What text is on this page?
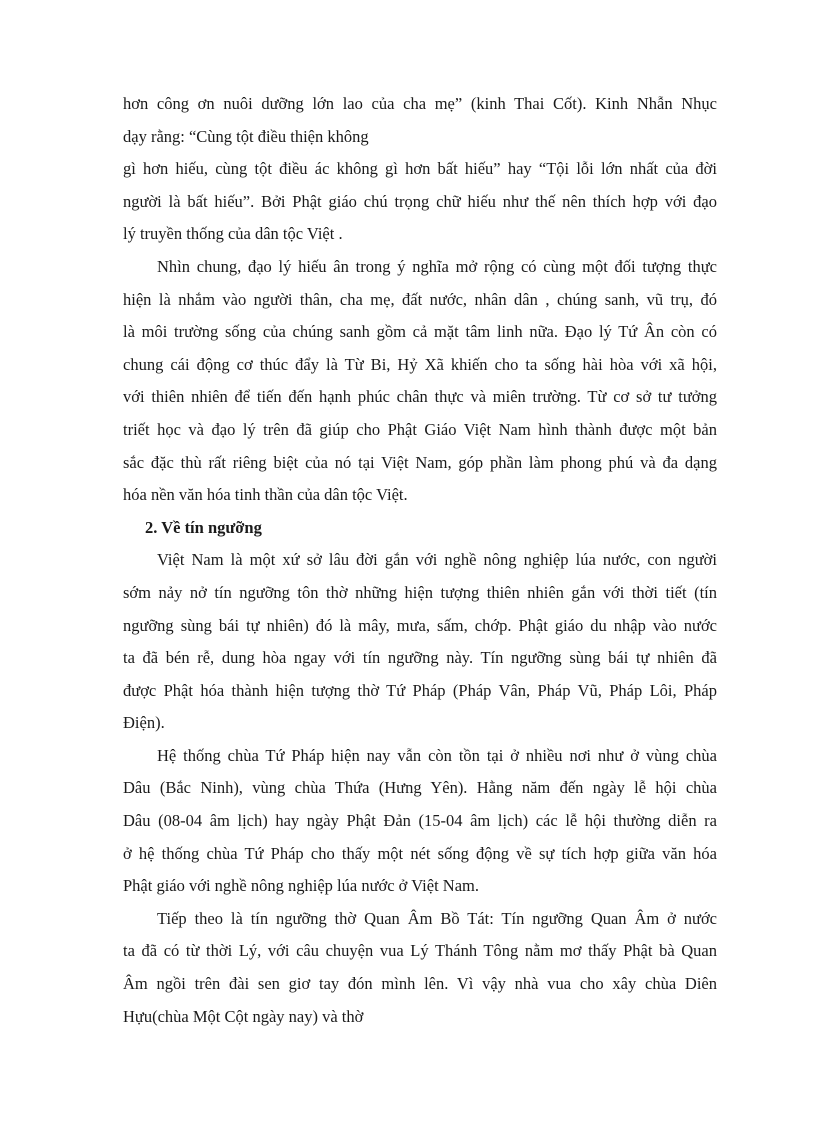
hơn công ơn nuôi dưỡng lớn lao của cha mẹ” (kinh Thai Cốt). Kinh Nhẫn Nhục
dạy rằng: “Cùng tột điều thiện không
gì hơn hiếu, cùng tột điều ác không gì hơn bất hiếu” hay “Tội lỗi lớn nhất của đời
người là bất hiếu”. Bởi Phật giáo chú trọng chữ hiếu như thế nên thích hợp với đạo
lý truyền thống của dân tộc Việt .
Nhìn chung, đạo lý hiếu ân trong ý nghĩa mở rộng có cùng một đối tượng thực
hiện là nhắm vào người thân, cha mẹ, đất nước, nhân dân , chúng sanh, vũ trụ, đó
là môi trường sống của chúng sanh gồm cả mặt tâm linh nữa. Đạo lý Tứ Ân còn có
chung cái động cơ thúc đẩy là Từ Bi, Hỷ Xã khiến cho ta sống hài hòa với xã hội,
với thiên nhiên để tiến đến hạnh phúc chân thực và miên trường. Từ cơ sở tư tưởng
triết học và đạo lý trên đã giúp cho Phật Giáo Việt Nam hình thành được một bản
sắc đặc thù rất riêng biệt của nó tại Việt Nam, góp phần làm phong phú và đa dạng
hóa nền văn hóa tinh thần của dân tộc Việt.
2. Về tín ngưỡng
Việt Nam là một xứ sở lâu đời gắn với nghề nông nghiệp lúa nước, con người
sớm nảy nở tín ngưỡng tôn thờ những hiện tượng thiên nhiên gắn với thời tiết (tín
ngưỡng sùng bái tự nhiên) đó là mây, mưa, sấm, chớp. Phật giáo du nhập vào nước
ta đã bén rễ, dung hòa ngay với tín ngưỡng này. Tín ngưỡng sùng bái tự nhiên đã
được Phật hóa thành hiện tượng thờ Tứ Pháp (Pháp Vân, Pháp Vũ, Pháp Lôi, Pháp
Điện).
Hệ thống chùa Tứ Pháp hiện nay vẫn còn tồn tại ở nhiều nơi như ở vùng chùa
Dâu (Bắc Ninh), vùng chùa Thứa (Hưng Yên). Hằng năm đến ngày lễ hội chùa
Dâu (08-04 âm lịch) hay ngày Phật Đản (15-04 âm lịch) các lễ hội thường diễn ra
ở hệ thống chùa Tứ Pháp cho thấy một nét sống động về sự tích hợp giữa văn hóa
Phật giáo với nghề nông nghiệp lúa nước ở Việt Nam.
Tiếp theo là tín ngưỡng thờ Quan Âm Bồ Tát: Tín ngưỡng Quan Âm ở nước
ta đã có từ thời Lý, với câu chuyện vua Lý Thánh Tông nằm mơ thấy Phật bà Quan
Âm ngồi trên đài sen giơ tay đón mình lên. Vì vậy nhà vua cho xây chùa Diên
Hựu(chùa Một Cột ngày nay) và thờ
